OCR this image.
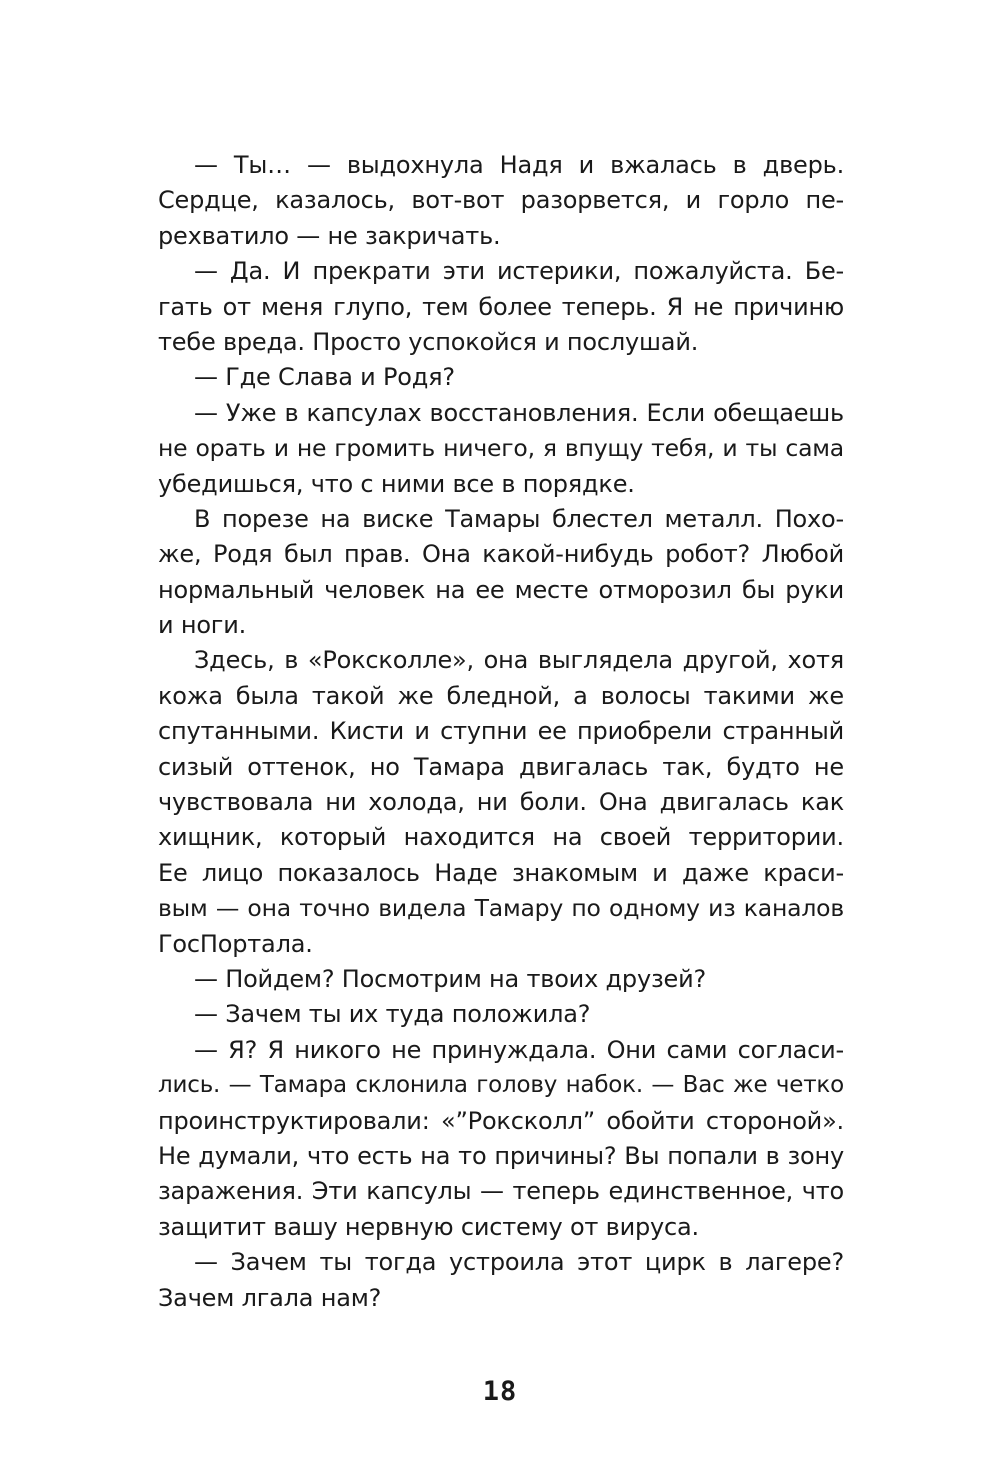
— Ты… — выдохнула Надя и вжалась в дверь.
Сердце, казалось, вот-вот разорвется, и горло пе-
рехватило — не закричать.
— Да. И прекрати эти истерики, пожалуйста. Бе-
гать от меня глупо, тем более теперь. Я не причиню
тебе вреда. Просто успокойся и послушай.
— Где Слава и Родя?
— Уже в капсулах восстановления. Если обещаешь
не орать и не громить ничего, я впущу тебя, и ты сама
убедишься, что с ними все в порядке.
В порезе на виске Тамары блестел металл. Похо-
же, Родя был прав. Она какой-нибудь робот? Любой
нормальный человек на ее месте отморозил бы руки
и ноги.
Здесь, в «Роксколле», она выглядела другой, хотя
кожа была такой же бледной, а волосы такими же
спутанными. Кисти и ступни ее приобрели странный
сизый оттенок, но Тамара двигалась так, будто не
чувствовала ни холода, ни боли. Она двигалась как
хищник, который находится на своей территории.
Ее лицо показалось Наде знакомым и даже краси-
вым — она точно видела Тамару по одному из каналов
ГосПортала.
— Пойдем? Посмотрим на твоих друзей?
— Зачем ты их туда положила?
— Я? Я никого не принуждала. Они сами согласи-
лись. — Тамара склонила голову набок. — Вас же четко
проинструктировали: «”Роксколл” обойти стороной».
Не думали, что есть на то причины? Вы попали в зону
заражения. Эти капсулы — теперь единственное, что
защитит вашу нервную систему от вируса.
— Зачем ты тогда устроила этот цирк в лагере?
Зачем лгала нам?
18
